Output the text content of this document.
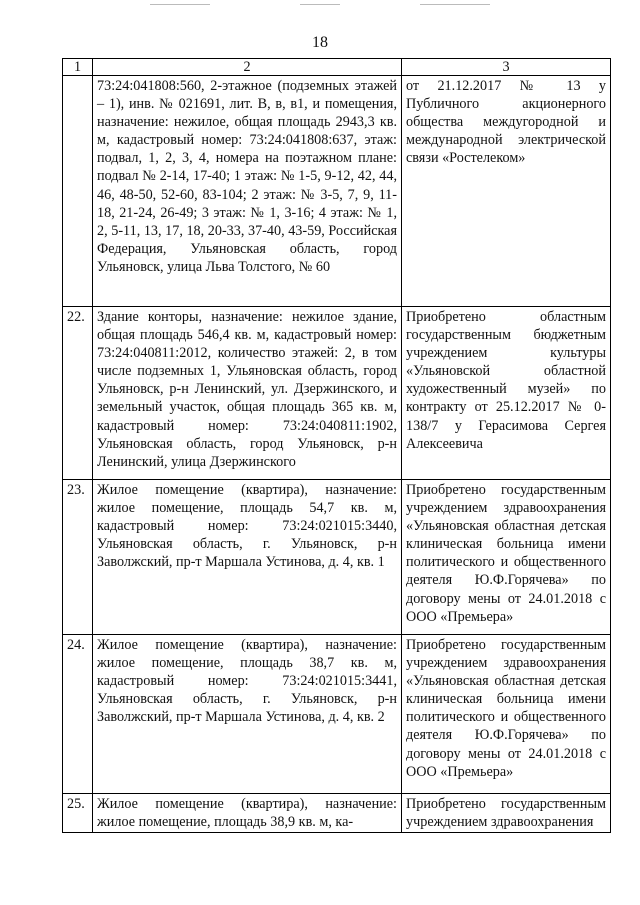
18
1	2	3
	73:24:041808:560, 2-этажное (подземных этажей – 1), инв. № 021691, лит. В, в, в1, и помещения, назначение: нежилое, общая площадь 2943,3 кв. м, кадастровый номер: 73:24:041808:637, этаж: подвал, 1, 2, 3, 4, номера на поэтажном плане: подвал № 2-14, 17-40; 1 этаж: № 1-5, 9-12, 42, 44, 46, 48-50, 52-60, 83-104; 2 этаж: № 3-5, 7, 9, 11-18, 21-24, 26-49; 3 этаж: № 1, 3-16; 4 этаж: № 1, 2, 5-11, 13, 17, 18, 20-33, 37-40, 43-59, Российская Федерация, Ульяновская область, город Ульяновск, улица Льва Толстого, № 60	от 21.12.2017 № 13 у Публичного акционерного общества междугородной и международной электрической связи «Ростелеком»
22.	Здание конторы, назначение: нежилое здание, общая площадь 546,4 кв. м, кадастровый номер: 73:24:040811:2012, количество этажей: 2, в том числе подземных 1, Ульяновская область, город Ульяновск, р-н Ленинский, ул. Дзержинского, и земельный участок, общая площадь 365 кв. м, кадастровый номер: 73:24:040811:1902, Ульяновская область, город Ульяновск, р-н Ленинский, улица Дзержинского	Приобретено областным государственным бюджетным учреждением культуры «Ульяновской областной художественный музей» по контракту от 25.12.2017 № 0-138/7 у Герасимова Сергея Алексеевича
23.	Жилое помещение (квартира), назначение: жилое помещение, площадь 54,7 кв. м, кадастровый номер: 73:24:021015:3440, Ульяновская область, г. Ульяновск, р-н Заволжский, пр-т Маршала Устинова, д. 4, кв. 1	Приобретено государственным учреждением здравоохранения «Ульяновская областная детская клиническая больница имени политического и общественного деятеля Ю.Ф.Горячева» по договору мены от 24.01.2018 с ООО «Премьера»
24.	Жилое помещение (квартира), назначение: жилое помещение, площадь 38,7 кв. м, кадастровый номер: 73:24:021015:3441, Ульяновская область, г. Ульяновск, р-н Заволжский, пр-т Маршала Устинова, д. 4, кв. 2	Приобретено государственным учреждением здравоохранения «Ульяновская областная детская клиническая больница имени политического и общественного деятеля Ю.Ф.Горячева» по договору мены от 24.01.2018 с ООО «Премьера»
25.	Жилое помещение (квартира), назначение: жилое помещение, площадь 38,9 кв. м, ка-	Приобретено государственным учреждением здравоохранения
